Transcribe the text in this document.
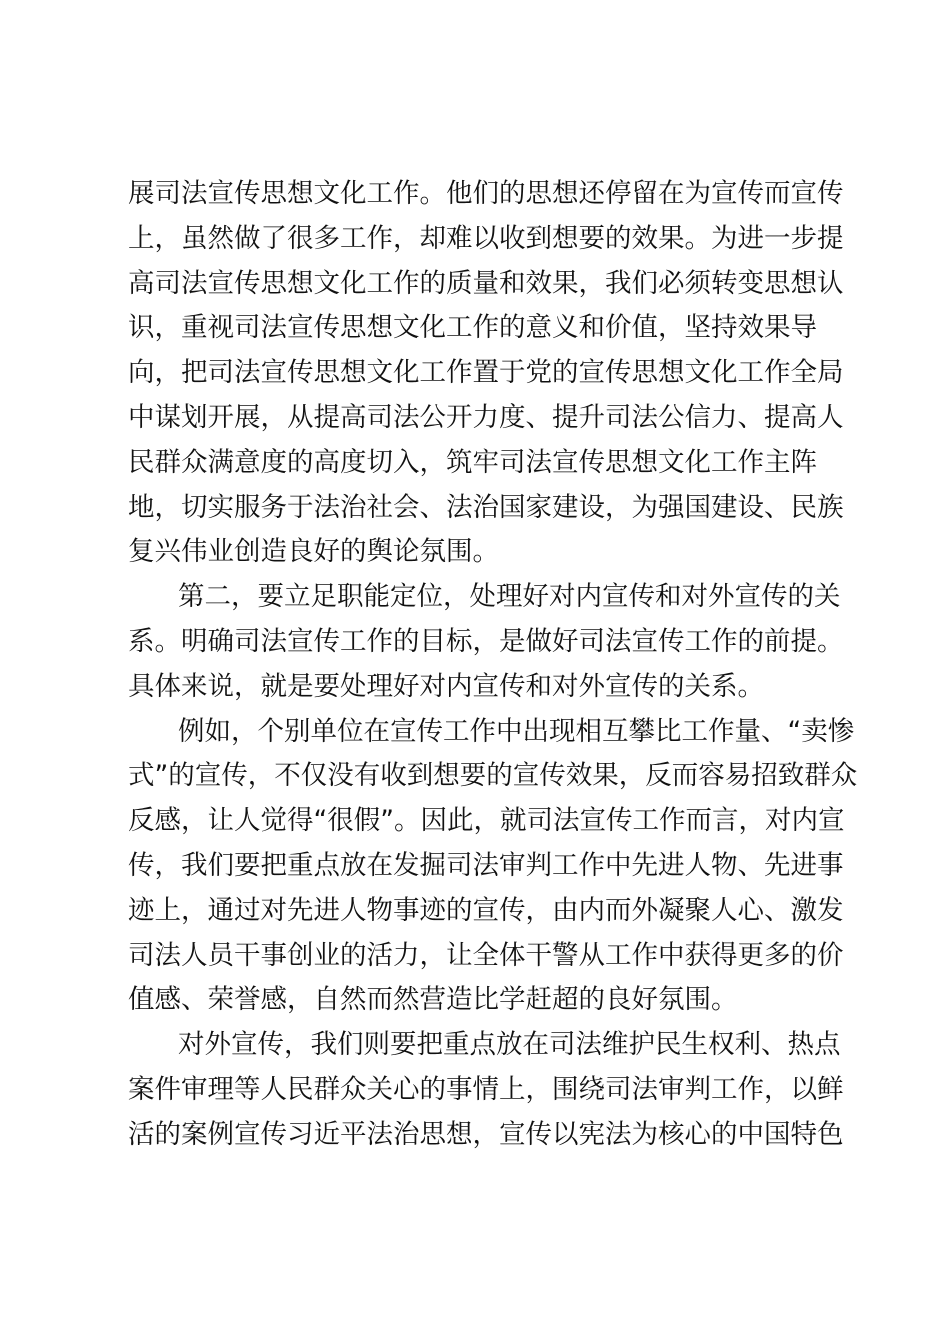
展司法宣传思想文化工作。他们的思想还停留在为宣传而宣传
上，虽然做了很多工作，却难以收到想要的效果。为进一步提
高司法宣传思想文化工作的质量和效果，我们必须转变思想认
识，重视司法宣传思想文化工作的意义和价值，坚持效果导
向，把司法宣传思想文化工作置于党的宣传思想文化工作全局
中谋划开展，从提高司法公开力度、提升司法公信力、提高人
民群众满意度的高度切入，筑牢司法宣传思想文化工作主阵
地，切实服务于法治社会、法治国家建设，为强国建设、民族
复兴伟业创造良好的舆论氛围。

第二，要立足职能定位，处理好对内宣传和对外宣传的关
系。明确司法宣传工作的目标，是做好司法宣传工作的前提。
具体来说，就是要处理好对内宣传和对外宣传的关系。

例如，个别单位在宣传工作中出现相互攀比工作量、“卖惨
式”的宣传，不仅没有收到想要的宣传效果，反而容易招致群众
反感，让人觉得“很假”。因此，就司法宣传工作而言，对内宣
传，我们要把重点放在发掘司法审判工作中先进人物、先进事
迹上，通过对先进人物事迹的宣传，由内而外凝聚人心、激发
司法人员干事创业的活力，让全体干警从工作中获得更多的价
值感、荣誉感，自然而然营造比学赶超的良好氛围。

对外宣传，我们则要把重点放在司法维护民生权利、热点
案件审理等人民群众关心的事情上，围绕司法审判工作，以鲜
活的案例宣传习近平法治思想，宣传以宪法为核心的中国特色
